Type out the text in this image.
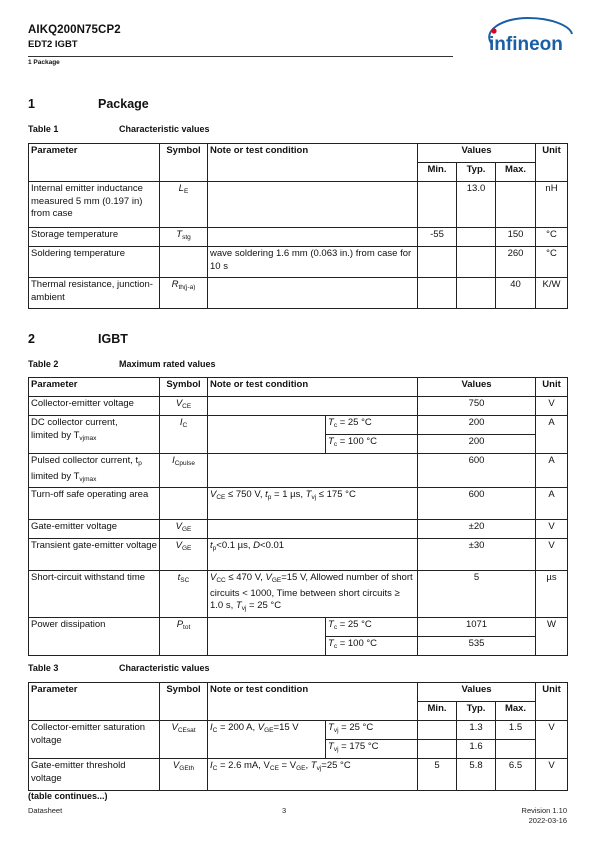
AIKQ200N75CP2
EDT2 IGBT
1 Package
infineon
1	Package
Table 1	Characteristic values
Parameter	Symbol	Note or test condition	Values			Unit
			Min.	Typ.	Max.	
Internal emitter inductance measured 5 mm (0.197 in) from case	$L_E$			13.0		nH
Storage temperature	$T_{stg}$		-55		150	°C
Soldering temperature		wave soldering 1.6 mm (0.063 in.) from case for 10 s			260	°C
Thermal resistance, junction-ambient	$R_{th(j-a)}$				40	K/W
2	IGBT
Table 2	Maximum rated values
Parameter	Symbol	Note or test condition		Values	Unit
Collector-emitter voltage	$V_{CE}$			750	V
DC collector current,
limited by $T_{vjmax}$	$I_C$		$T_c = 25$ °C	200	A
			$T_c = 100$ °C	200	
Pulsed collector current, $t_p$
limited by $T_{vjmax}$	$I_{Cpulse}$			600	A
Turn-off safe operating area		$V_{CE} \le 750$ V, $t_p = 1$ µs, $T_{vj} \le 175$ °C		600	A
Gate-emitter voltage	$V_{GE}$			±20	V
Transient gate-emitter voltage	$V_{GE}$	$t_p<0.1$ µs, D<0.01		±30	V
Short-circuit withstand time	$t_{SC}$	$V_{CC} \le 470$ V, $V_{GE}=15$ V, Allowed number of short circuits < 1000, Time between short circuits ≥ 1.0 s, $T_{vj} = 25$ °C		5	µs
Power dissipation	$P_{tot}$		$T_c = 25$ °C	1071	W
			$T_c = 100$ °C	535	
Table 3	Characteristic values
Parameter	Symbol	Note or test condition		Values			Unit
				Min.	Typ.	Max.	
Collector-emitter saturation voltage	$V_{CEsat}$	$I_C = 200$ A, $V_{GE}=15$ V	$T_{vj} = 25$ °C		1.3	1.5	V
			$T_{vj} = 175$ °C		1.6		
Gate-emitter threshold voltage	$V_{GEth}$	$I_C = 2.6$ mA, $V_{CE} = V_{GE}$, $T_{vj}=25$ °C		5	5.8	6.5	V
(table continues...)
Datasheet	3	Revision 1.10
2022-03-16
